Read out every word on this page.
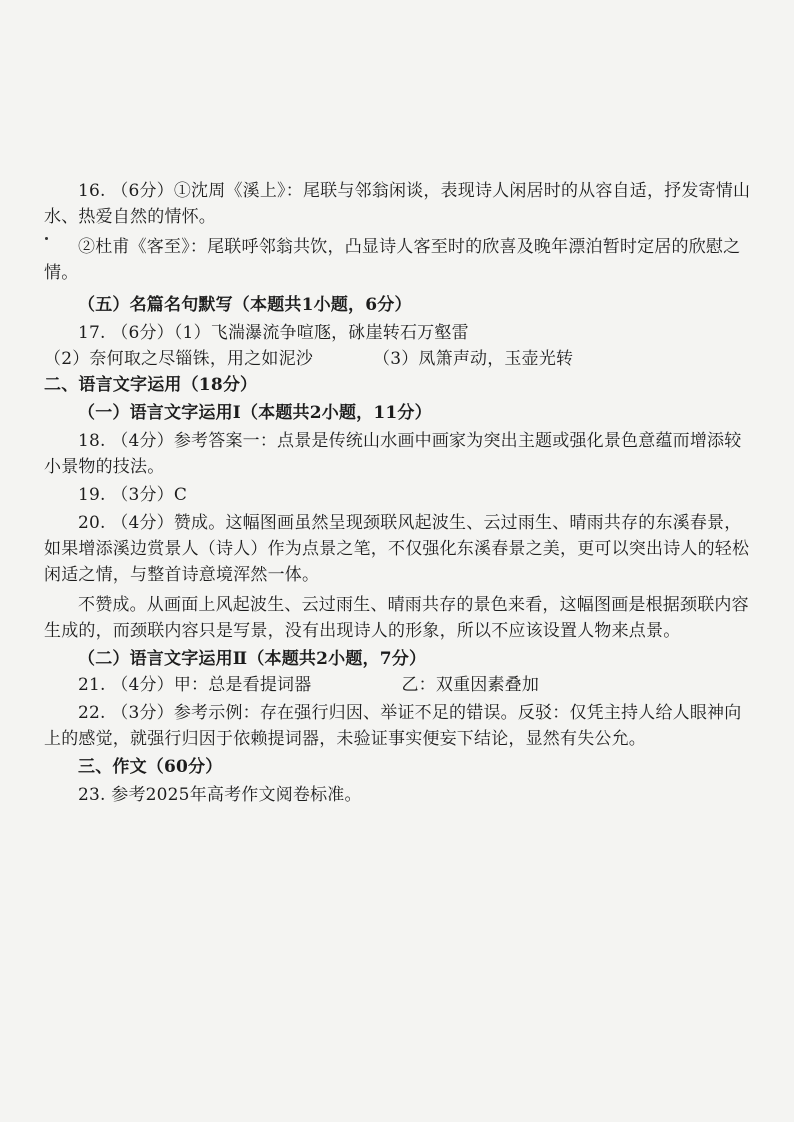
16. （6分）①沈周《溪上》：尾联与邻翁闲谈，表现诗人闲居时的从容自适，抒发寄情山水、热爱自然的情怀。

②杜甫《客至》：尾联呼邻翁共饮，凸显诗人客至时的欣喜及晚年漂泊暂时定居的欣慰之情。

（五）名篇名句默写（本题共1小题，6分）

17. （6分）（1）飞湍瀑流争喧豗，砯崖转石万壑雷

（2）奈何取之尽锱铢，用之如泥沙	（3）凤箫声动，玉壶光转

二、语言文字运用（18分）

（一）语言文字运用Ⅰ（本题共2小题，11分）

18. （4分）参考答案一：点景是传统山水画中画家为突出主题或强化景色意蕴而增添较小景物的技法。

19. （3分）C

20. （4分）赞成。这幅图画虽然呈现颈联风起波生、云过雨生、晴雨共存的东溪春景，如果增添溪边赏景人（诗人）作为点景之笔，不仅强化东溪春景之美，更可以突出诗人的轻松闲适之情，与整首诗意境浑然一体。

不赞成。从画面上风起波生、云过雨生、晴雨共存的景色来看，这幅图画是根据颈联内容生成的，而颈联内容只是写景，没有出现诗人的形象，所以不应该设置人物来点景。

（二）语言文字运用Ⅱ（本题共2小题，7分）

21. （4分）甲：总是看提词器	乙：双重因素叠加

22. （3分）参考示例：存在强行归因、举证不足的错误。反驳：仅凭主持人给人眼神向上的感觉，就强行归因于依赖提词器，未验证事实便妄下结论，显然有失公允。

三、作文（60分）

23. 参考2025年高考作文阅卷标准。
